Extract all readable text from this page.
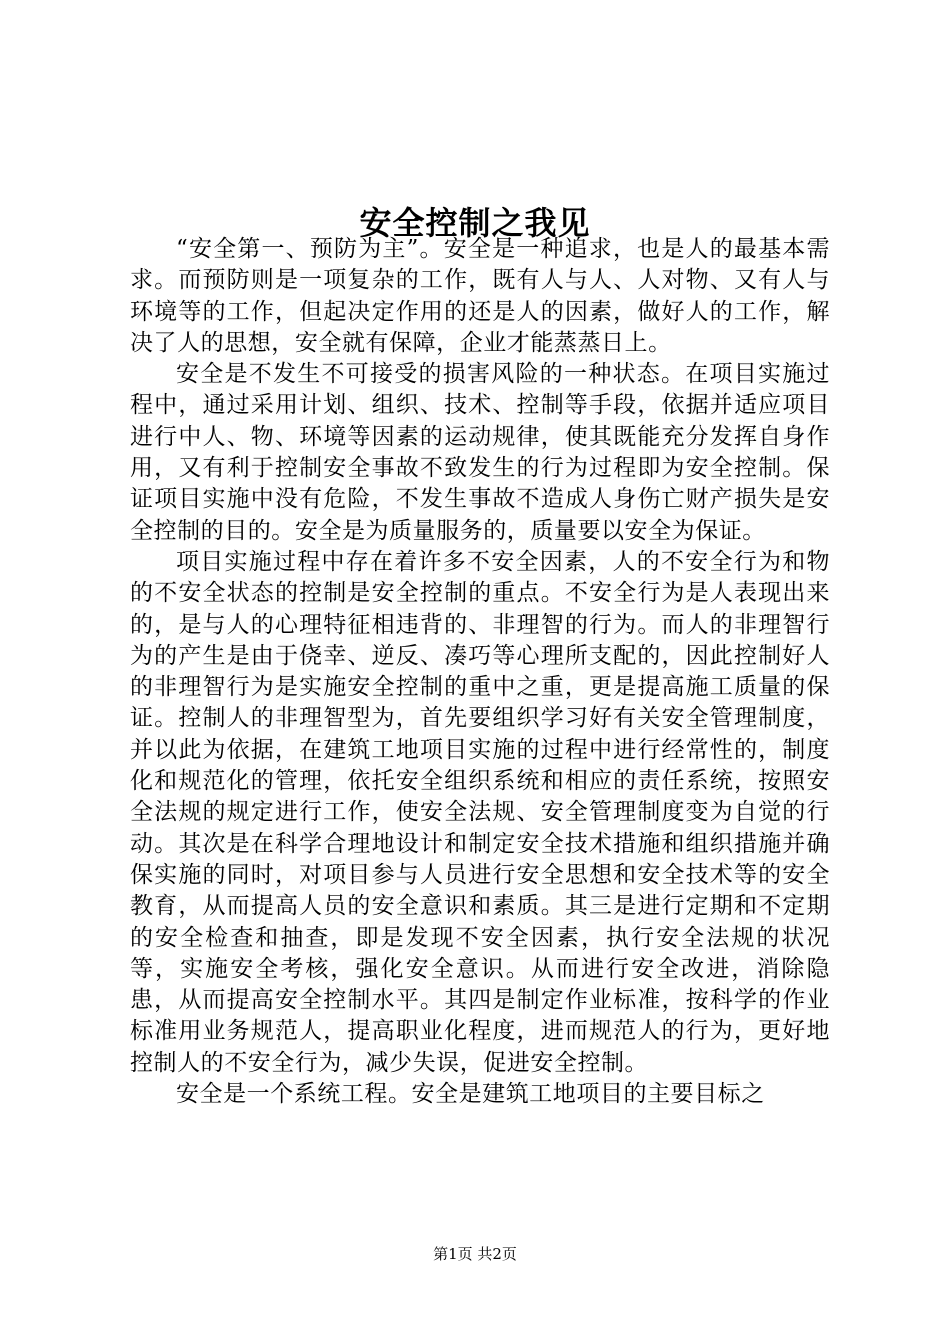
安全控制之我见

“安全第一、预防为主”。安全是一种追求，也是人的最基本需求。而预防则是一项复杂的工作，既有人与人、人对物、又有人与环境等的工作，但起决定作用的还是人的因素，做好人的工作，解决了人的思想，安全就有保障，企业才能蒸蒸日上。

安全是不发生不可接受的损害风险的一种状态。在项目实施过程中，通过采用计划、组织、技术、控制等手段，依据并适应项目进行中人、物、环境等因素的运动规律，使其既能充分发挥自身作用，又有利于控制安全事故不致发生的行为过程即为安全控制。保证项目实施中没有危险，不发生事故不造成人身伤亡财产损失是安全控制的目的。安全是为质量服务的，质量要以安全为保证。

项目实施过程中存在着许多不安全因素，人的不安全行为和物的不安全状态的控制是安全控制的重点。不安全行为是人表现出来的，是与人的心理特征相违背的、非理智的行为。而人的非理智行为的产生是由于侥幸、逆反、凑巧等心理所支配的，因此控制好人的非理智行为是实施安全控制的重中之重，更是提高施工质量的保证。控制人的非理智型为，首先要组织学习好有关安全管理制度，并以此为依据，在建筑工地项目实施的过程中进行经常性的，制度化和规范化的管理，依托安全组织系统和相应的责任系统，按照安全法规的规定进行工作，使安全法规、安全管理制度变为自觉的行动。其次是在科学合理地设计和制定安全技术措施和组织措施并确保实施的同时，对项目参与人员进行安全思想和安全技术等的安全教育，从而提高人员的安全意识和素质。其三是进行定期和不定期的安全检查和抽查，即是发现不安全因素，执行安全法规的状况等，实施安全考核，强化安全意识。从而进行安全改进，消除隐患，从而提高安全控制水平。其四是制定作业标准，按科学的作业标准用业务规范人，提高职业化程度，进而规范人的行为，更好地控制人的不安全行为，减少失误，促进安全控制。

安全是一个系统工程。安全是建筑工地项目的主要目标之

第1页 共2页
